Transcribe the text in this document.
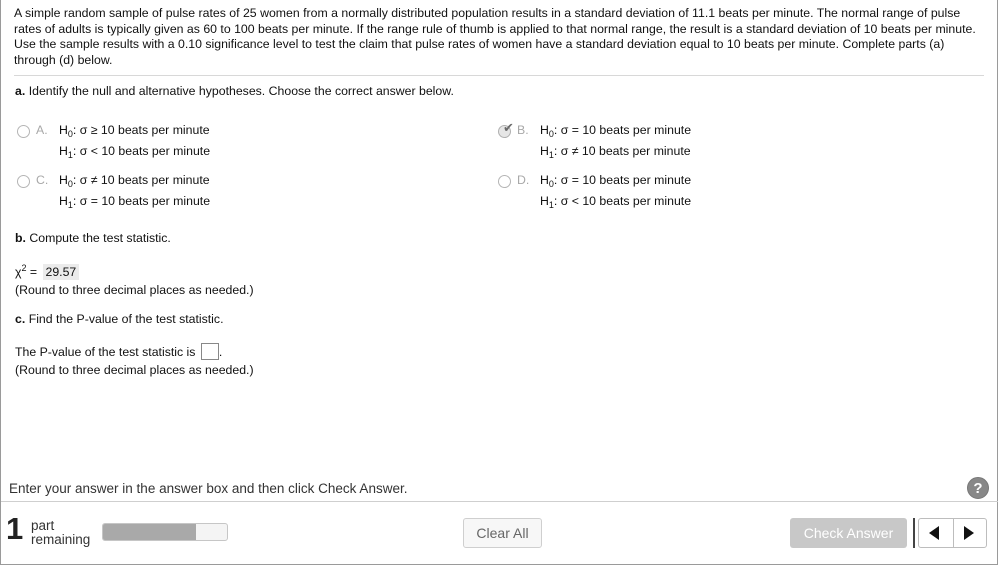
A simple random sample of pulse rates of 25 women from a normally distributed population results in a standard deviation of 11.1 beats per minute. The normal range of pulse rates of adults is typically given as 60 to 100 beats per minute. If the range rule of thumb is applied to that normal range, the result is a standard deviation of 10 beats per minute. Use the sample results with a 0.10 significance level to test the claim that pulse rates of women have a standard deviation equal to 10 beats per minute. Complete parts (a) through (d) below.
a. Identify the null and alternative hypotheses. Choose the correct answer below.
A. $H_0$: σ ≥ 10 beats per minute
$H_1$: σ < 10 beats per minute
✔ B. $H_0$: σ = 10 beats per minute
$H_1$: σ ≠ 10 beats per minute
C. $H_0$: σ ≠ 10 beats per minute
$H_1$: σ = 10 beats per minute
D. $H_0$: σ = 10 beats per minute
$H_1$: σ < 10 beats per minute
b. Compute the test statistic.
$\chi^2 = 29.57$
(Round to three decimal places as needed.)
c. Find the P-value of the test statistic.
The P-value of the test statistic is .
(Round to three decimal places as needed.)
Enter your answer in the answer box and then click Check Answer.	?
1 part
remaining	Clear All	Check Answer
